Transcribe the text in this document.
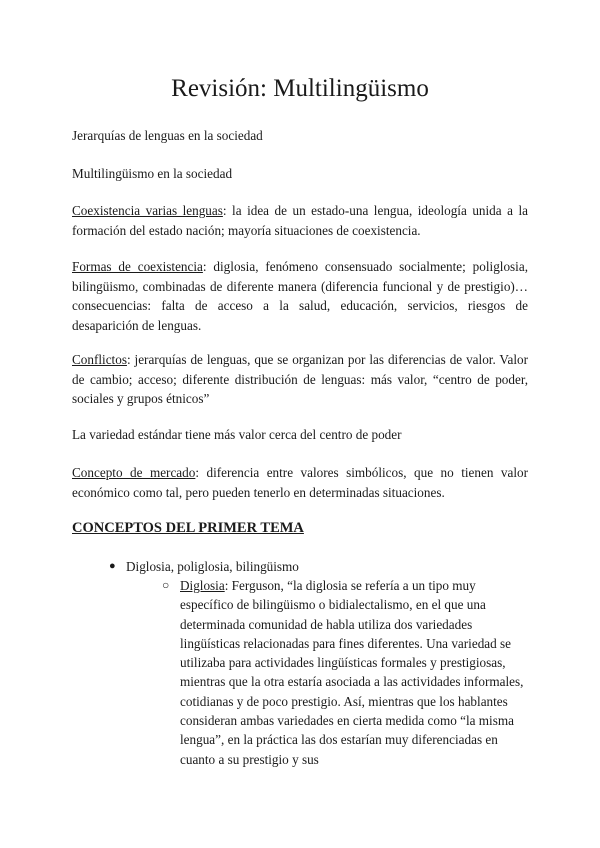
Revisión: Multilingüismo
Jerarquías de lenguas en la sociedad
Multilingüismo en la sociedad
Coexistencia varias lenguas: la idea de un estado-una lengua, ideología unida a la formación del estado nación; mayoría situaciones de coexistencia.
Formas de coexistencia: diglosia, fenómeno consensuado socialmente; poliglosia, bilingüismo, combinadas de diferente manera (diferencia funcional y de prestigio)… consecuencias: falta de acceso a la salud, educación, servicios, riesgos de desaparición de lenguas.
Conflictos: jerarquías de lenguas, que se organizan por las diferencias de valor. Valor de cambio; acceso; diferente distribución de lenguas: más valor, “centro de poder, sociales y grupos étnicos”
La variedad estándar tiene más valor cerca del centro de poder
Concepto de mercado: diferencia entre valores simbólicos, que no tienen valor económico como tal, pero pueden tenerlo en determinadas situaciones.
CONCEPTOS DEL PRIMER TEMA
● Diglosia, poliglosia, bilingüismo
○ Diglosia: Ferguson, “la diglosia se refería a un tipo muy específico de bilingüismo o bidialectalismo, en el que una determinada comunidad de habla utiliza dos variedades lingüísticas relacionadas para fines diferentes. Una variedad se utilizaba para actividades lingüísticas formales y prestigiosas, mientras que la otra estaría asociada a las actividades informales, cotidianas y de poco prestigio. Así, mientras que los hablantes consideran ambas variedades en cierta medida como “la misma lengua”, en la práctica las dos estarían muy diferenciadas en cuanto a su prestigio y sus
